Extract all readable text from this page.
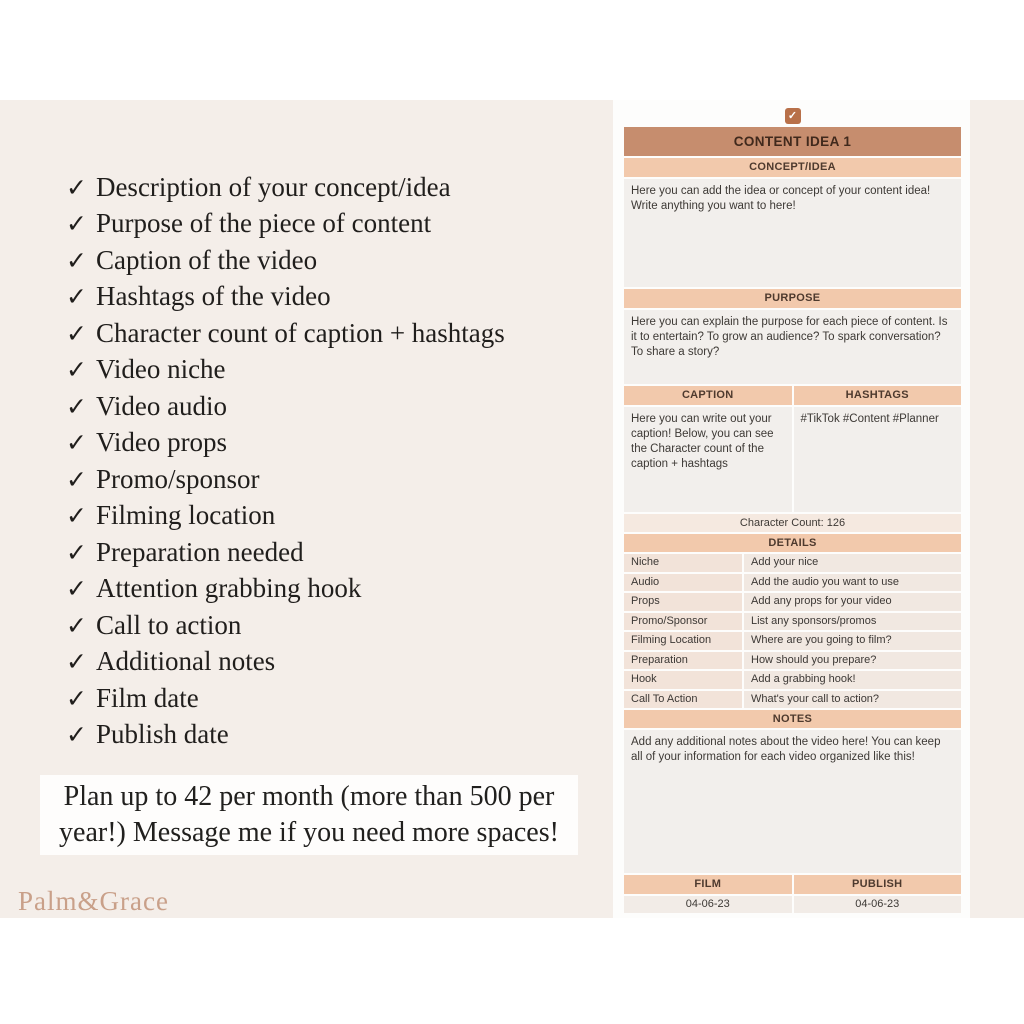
✓ Description of your concept/idea
✓ Purpose of the piece of content
✓ Caption of the video
✓ Hashtags of the video
✓ Character count of caption + hashtags
✓ Video niche
✓ Video audio
✓ Video props
✓ Promo/sponsor
✓ Filming location
✓ Preparation needed
✓ Attention grabbing hook
✓ Call to action
✓ Additional notes
✓ Film date
✓ Publish date
Plan up to 42 per month (more than 500 per year!) Message me if you need more spaces!
Palm&Grace
✓
CONTENT IDEA 1
CONCEPT/IDEA
Here you can add the idea or concept of your content idea! Write anything you want to here!
PURPOSE
Here you can explain the purpose for each piece of content. Is it to entertain? To grow an audience? To spark conversation? To share a story?
CAPTION	HASHTAGS
Here you can write out your caption! Below, you can see the Character count of the caption + hashtags
#TikTok #Content #Planner
Character Count: 126
DETAILS
Niche	Add your nice
Audio	Add the audio you want to use
Props	Add any props for your video
Promo/Sponsor	List any sponsors/promos
Filming Location	Where are you going to film?
Preparation	How should you prepare?
Hook	Add a grabbing hook!
Call To Action	What's your call to action?
NOTES
Add any additional notes about the video here! You can keep all of your information for each video organized like this!
FILM	PUBLISH
04-06-23	04-06-23
